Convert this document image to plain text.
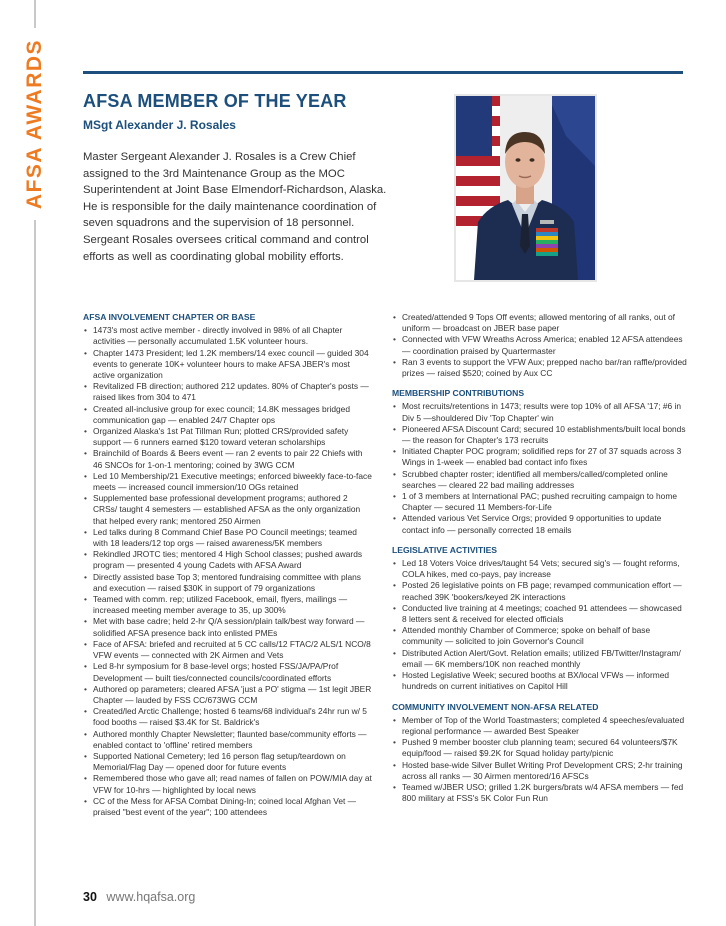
AFSA AWARDS AFSA MEMBER OF THE YEAR
MSgt Alexander J. Rosales

Master Sergeant Alexander J. Rosales is a Crew Chief assigned to the 3rd Maintenance Group as the MOC Superintendent at Joint Base Elmendorf-Richardson, Alaska. He is responsible for the daily maintenance coordination of seven squadrons and the supervision of 18 personnel. Sergeant Rosales oversees critical command and control efforts as well as coordinating global mobility efforts.

AFSA INVOLVEMENT CHAPTER OR BASE
• 1473's most active member - directly involved in 98% of all Chapter activities — personally accumulated 1.5K volunteer hours.
• Chapter 1473 President; led 1.2K members/14 exec council — guided 304 events to generate 10K+ volunteer hours to make AFSA JBER's most active organization
• Revitalized FB direction; authored 212 updates. 80% of Chapter's posts — raised likes from 304 to 471
• Created all-inclusive group for exec council; 14.8K messages bridged communication gap — enabled 24/7 Chapter ops
• Organized Alaska's 1st Pat Tillman Run; plotted CRS/provided safety support — 6 runners earned $120 toward veteran scholarships
• Brainchild of Boards & Beers event — ran 2 events to pair 22 Chiefs with 46 SNCOs for 1-on-1 mentoring; coined by 3WG CCM
• Led 10 Membership/21 Executive meetings; enforced biweekly face-to-face meets — increased council immersion/10 OGs retained
• Supplemented base professional development programs; authored 2 CRSs/ taught 4 semesters — established AFSA as the only organization that helped every rank; mentored 250 Airmen
• Led talks during 8 Command Chief Base PO Council meetings; teamed with 18 leaders/12 top orgs — raised awareness/5K members
• Rekindled JROTC ties; mentored 4 High School classes; pushed awards program — presented 4 young Cadets with AFSA Award
• Directly assisted base Top 3; mentored fundraising committee with plans and execution — raised $30K in support of 79 organizations
• Teamed with comm. rep; utilized Facebook, email, flyers, mailings — increased meeting member average to 35, up 300%
• Met with base cadre; held 2-hr Q/A session/plain talk/best way forward — solidified AFSA presence back into enlisted PMEs
• Face of AFSA: briefed and recruited at 5 CC calls/12 FTAC/2 ALS/1 NCO/8 VFW events — connected with 2K Airmen and Vets
• Led 8-hr symposium for 8 base-level orgs; hosted FSS/JA/PA/Prof Development — built ties/connected councils/coordinated efforts
• Authored op parameters; cleared AFSA 'just a PO' stigma — 1st legit JBER Chapter — lauded by FSS CC/673WG CCM
• Created/led Arctic Challenge; hosted 6 teams/68 individual's 24hr run w/ 5 food booths — raised $3.4K for St. Baldrick's
• Authored monthly Chapter Newsletter; flaunted base/community efforts — enabled contact to 'offline' retired members
• Supported National Cemetery; led 16 person flag setup/teardown on Memorial/Flag Day — opened door for future events
• Remembered those who gave all; read names of fallen on POW/MIA day at VFW for 10-hrs — highlighted by local news
• CC of the Mess for AFSA Combat Dining-In; coined local Afghan Vet — praised "best event of the year"; 100 attendees
• Created/attended 9 Tops Off events; allowed mentoring of all ranks, out of uniform — broadcast on JBER base paper
• Connected with VFW Wreaths Across America; enabled 12 AFSA attendees — coordination praised by Quartermaster
• Ran 3 events to support the VFW Aux; prepped nacho bar/ran raffle/provided prizes — raised $520; coined by Aux CC
MEMBERSHIP CONTRIBUTIONS
• Most recruits/retentions in 1473; results were top 10% of all AFSA '17; #6 in Div 5 —shouldered Div 'Top Chapter' win
• Pioneered AFSA Discount Card; secured 10 establishments/built local bonds — the reason for Chapter's 173 recruits
• Initiated Chapter POC program; solidified reps for 27 of 37 squads across 3 Wings in 1-week — enabled bad contact info fixes
• Scrubbed chapter roster; identified all members/called/completed online searches — cleared 22 bad mailing addresses
• 1 of 3 members at International PAC; pushed recruiting campaign to home Chapter — secured 11 Members-for-Life
• Attended various Vet Service Orgs; provided 9 opportunities to update contact info — personally corrected 18 emails
LEGISLATIVE ACTIVITIES
• Led 18 Voters Voice drives/taught 54 Vets; secured sig's — fought reforms, COLA hikes, med co-pays, pay increase
• Posted 26 legislative points on FB page; revamped communication effort — reached 39K 'bookers/keyed 2K interactions
• Conducted live training at 4 meetings; coached 91 attendees — showcased 8 letters sent & received for elected officials
• Attended monthly Chamber of Commerce; spoke on behalf of base community — solicited to join Governor's Council
• Distributed Action Alert/Govt. Relation emails; utilized FB/Twitter/Instagram/ email — 6K members/10K non reached monthly
• Hosted Legislative Week; secured booths at BX/local VFWs — informed hundreds on current initiatives on Capitol Hill
COMMUNITY INVOLVEMENT NON-AFSA RELATED
• Member of Top of the World Toastmasters; completed 4 speeches/evaluated regional performance — awarded Best Speaker
• Pushed 9 member booster club planning team; secured 64 volunteers/$7K equip/food — raised $9.2K for Squad holiday party/picnic
• Hosted base-wide Silver Bullet Writing Prof Development CRS; 2-hr training across all ranks — 30 Airmen mentored/16 AFSCs
• Teamed w/JBER USO; grilled 1.2K burgers/brats w/4 AFSA members — fed 800 military at FSS's 5K Color Fun Run
30 www.hqafsa.org
